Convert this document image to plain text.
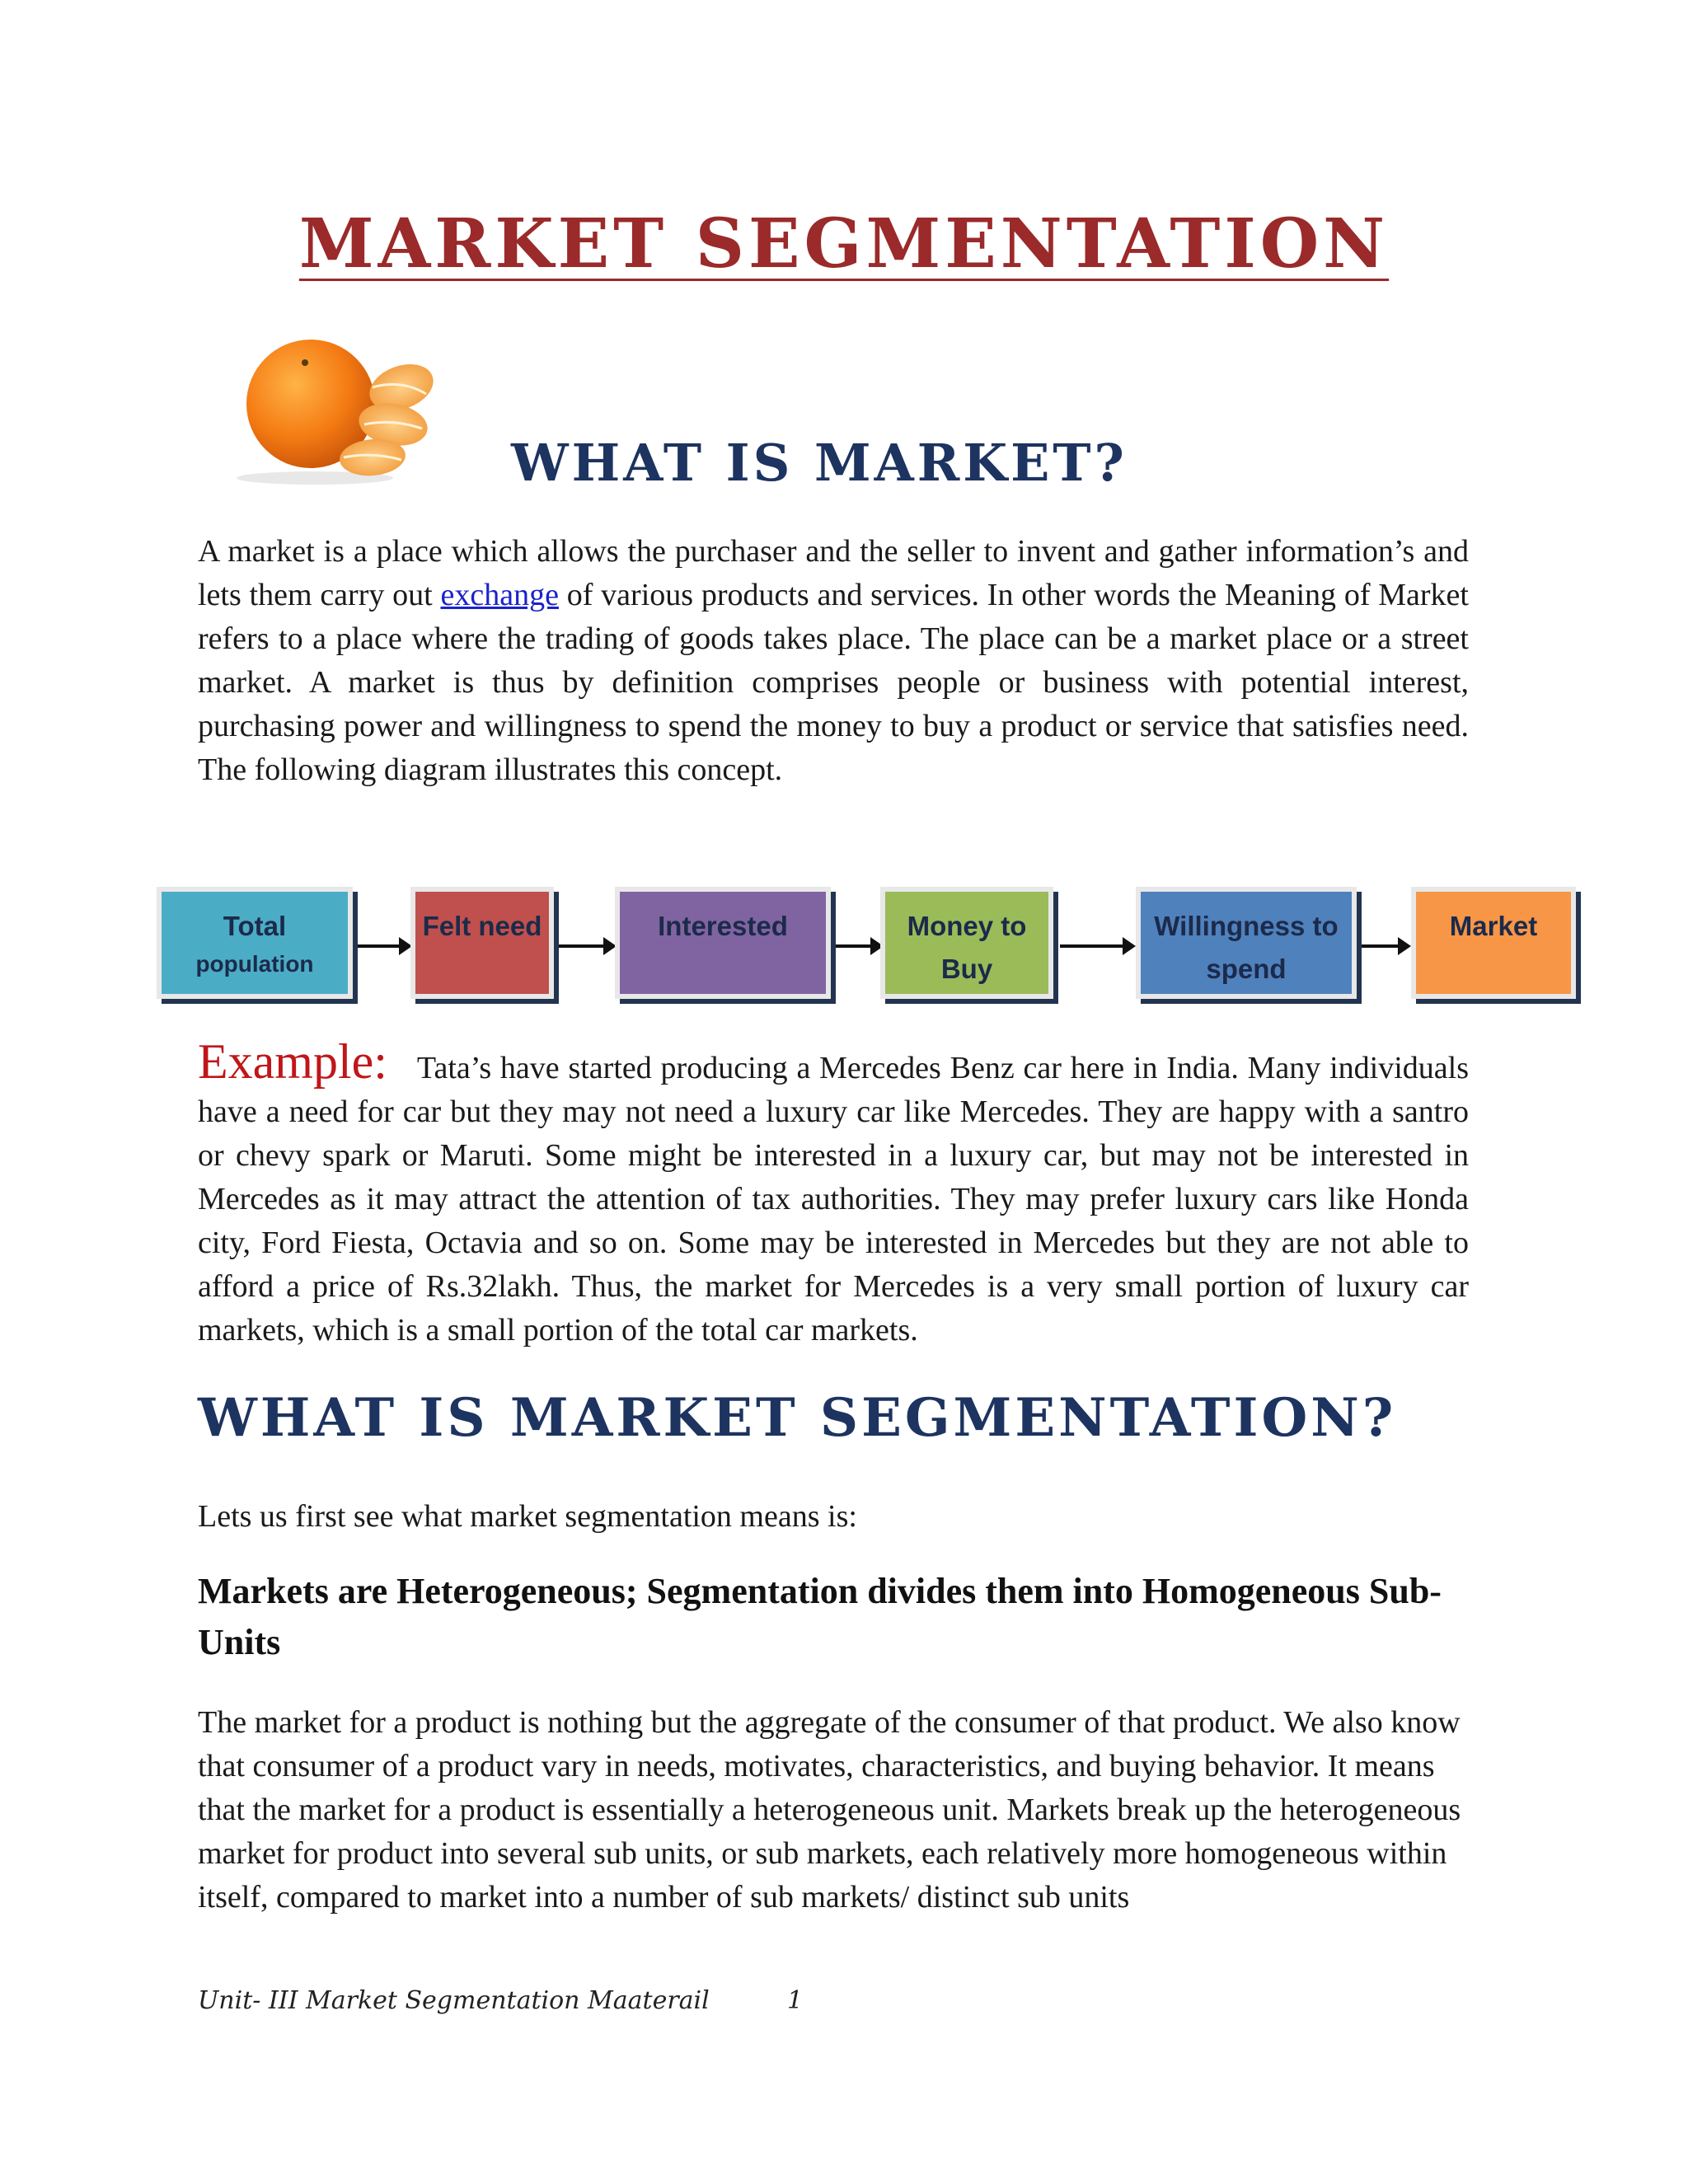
MARKET SEGMENTATION
WHAT IS MARKET?
A market is a place which allows the purchaser and the seller to invent and gather information’s and lets them carry out exchange of various products and services. In other words the Meaning of Market refers to a place where the trading of goods takes place. The place can be a market place or a street market. A market is thus by definition comprises people or business with potential interest, purchasing power and willingness to spend the money to buy a product or service that satisfies need. The following diagram illustrates this concept.
Total
population
Felt need	Interested	Money to Buy
Willingness to spend
Market
Example: Tata’s have started producing a Mercedes Benz car here in India. Many individuals have a need for car but they may not need a luxury car like Mercedes. They are happy with a santro or chevy spark or Maruti. Some might be interested in a luxury car, but may not be interested in Mercedes as it may attract the attention of tax authorities. They may prefer luxury cars like Honda city, Ford Fiesta, Octavia and so on. Some may be interested in Mercedes but they are not able to afford a price of Rs.32lakh. Thus, the market for Mercedes is a very small portion of luxury car markets, which is a small portion of the total car markets.
WHAT IS MARKET SEGMENTATION?
Lets us first see what market segmentation means is:
Markets are Heterogeneous; Segmentation divides them into Homogeneous Sub-Units
The market for a product is nothing but the aggregate of the consumer of that product. We also know that consumer of a product vary in needs, motivates, characteristics, and buying behavior. It means that the market for a product is essentially a heterogeneous unit. Markets break up the heterogeneous market for product into several sub units, or sub markets, each relatively more homogeneous within itself, compared to market into a number of sub markets/ distinct sub units
Unit- III Market Segmentation Maaterail	1
